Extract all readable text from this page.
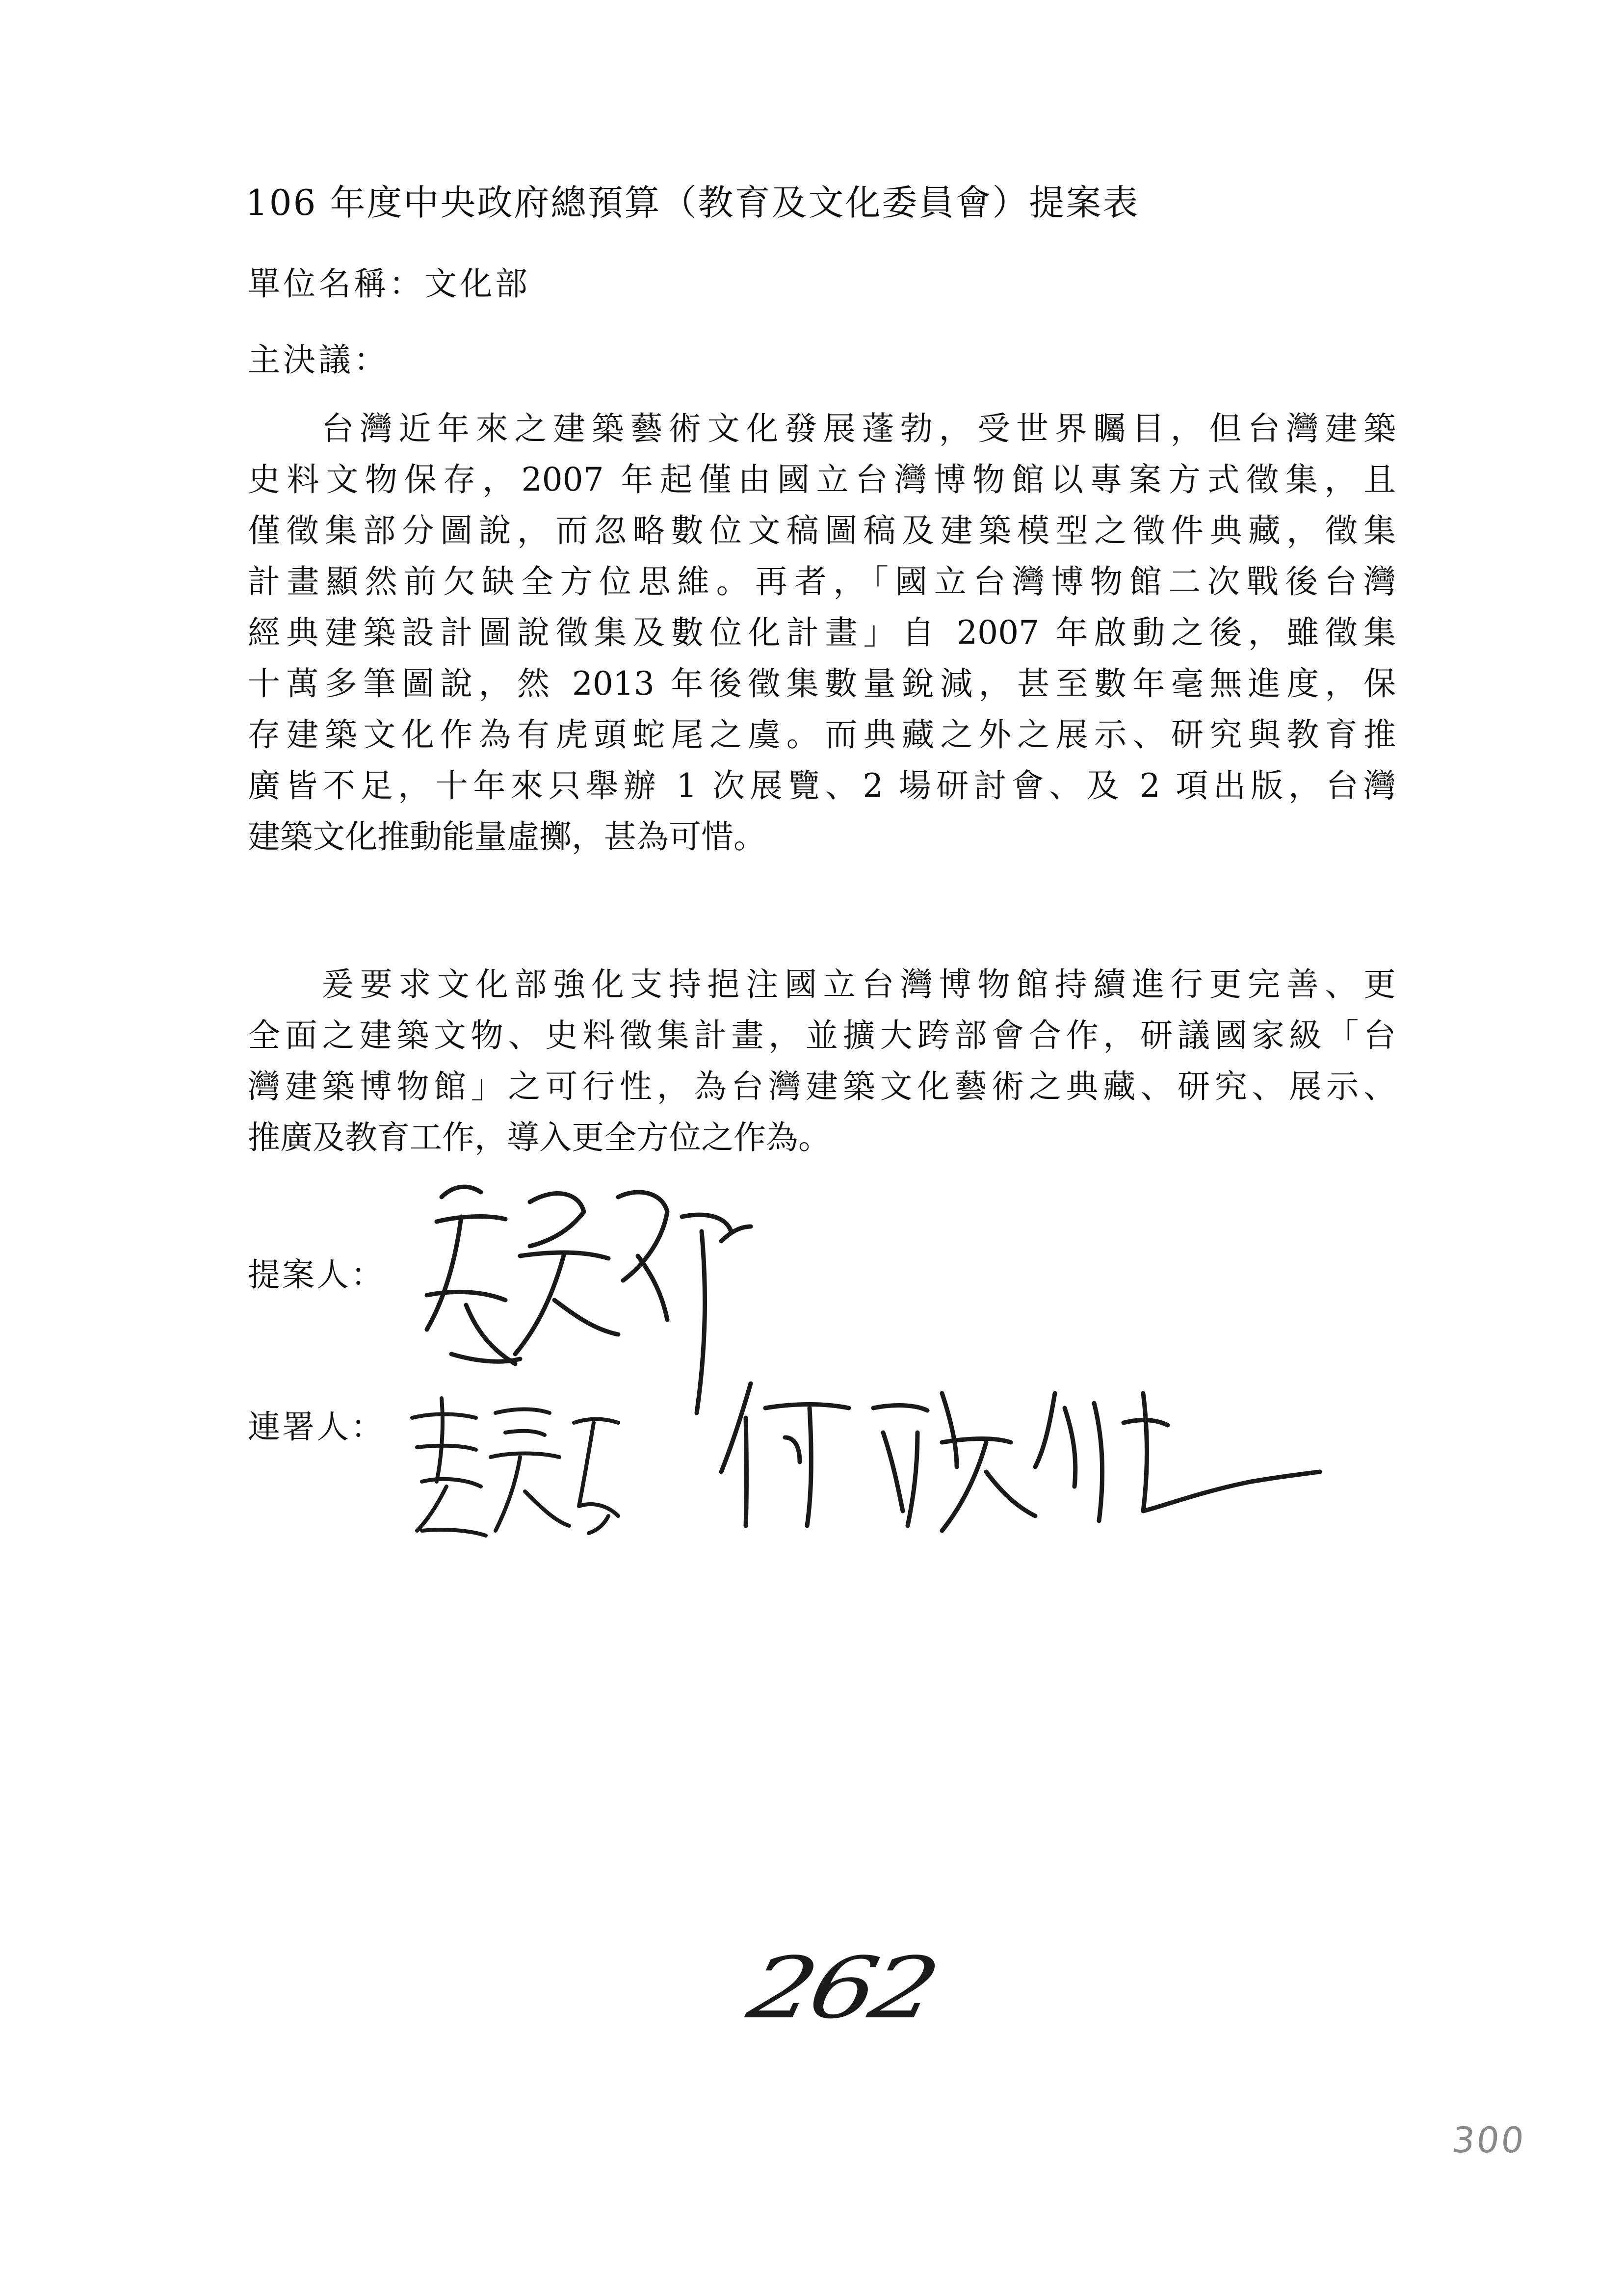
106 年度中央政府總預算（教育及文化委員會）提案表
單位名稱：文化部
主決議：
台灣近年來之建築藝術文化發展蓬勃，受世界矚目，但台灣建築
史料文物保存，2007 年起僅由國立台灣博物館以專案方式徵集，且
僅徵集部分圖說，而忽略數位文稿圖稿及建築模型之徵件典藏，徵集
計畫顯然前欠缺全方位思維。再者，「國立台灣博物館二次戰後台灣
經典建築設計圖說徵集及數位化計畫」自 2007 年啟動之後，雖徵集
十萬多筆圖說，然 2013 年後徵集數量銳減，甚至數年毫無進度，保
存建築文化作為有虎頭蛇尾之虞。而典藏之外之展示、研究與教育推
廣皆不足，十年來只舉辦 1 次展覽、2 場研討會、及 2 項出版，台灣
建築文化推動能量虛擲，甚為可惜。
爰要求文化部強化支持挹注國立台灣博物館持續進行更完善、更
全面之建築文物、史料徵集計畫，並擴大跨部會合作，研議國家級「台
灣建築博物館」之可行性，為台灣建築文化藝術之典藏、研究、展示、
推廣及教育工作，導入更全方位之作為。
提案人：
連署人：
262
300
